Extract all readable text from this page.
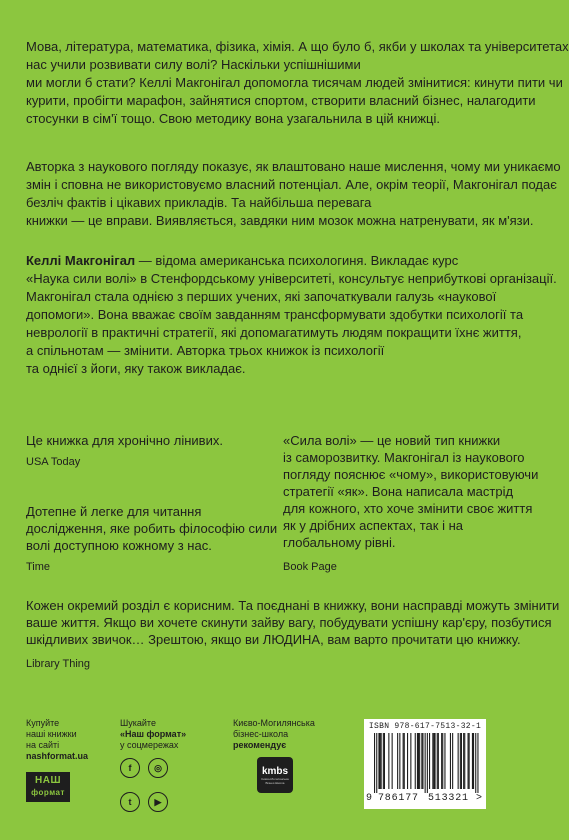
Мова, література, математика, фізика, хімія. А що було б, якби у школах та університетах
нас учили розвивати силу волі? Наскільки успішнішими
ми могли б стати? Келлі Макгонігал допомогла тисячам людей змінитися: кинути пити чи
курити, пробігти марафон, зайнятися спортом, створити власний бізнес, налагодити
стосунки в сім'ї тощо. Свою методику вона узагальнила в цій книжці.
Авторка з наукового погляду показує, як влаштовано наше мислення, чому ми уникаємо
змін і сповна не використовуємо власний потенціал. Але, окрім теорії, Макгонігал подає
безліч фактів і цікавих прикладів. Та найбільша перевага
книжки — це вправи. Виявляється, завдяки ним мозок можна натренувати, як м'язи.
Келлі Макгонігал — відома американська психологиня. Викладає курс
«Наука сили волі» в Стенфордському університеті, консультує неприбуткові організації.
Макгонігал стала однією з перших учених, які започаткували галузь «наукової
допомоги». Вона вважає своїм завданням трансформувати здобутки психології та
неврології в практичні стратегії, які допомагатимуть людям покращити їхнє життя,
а спільнотам — змінити. Авторка трьох книжок із психології
та однієї з йоги, яку також викладає.
Це книжка для хронічно лінивих.
USA Today
Дотепне й легке для читання
дослідження, яке робить філософію сили
волі доступною кожному з нас.
Time
«Сила волі» — це новий тип книжки
із саморозвитку. Макгонігал із наукового
погляду пояснює «чому», використовуючи
стратегії «як». Вона написала мастрід
для кожного, хто хоче змінити своє життя
як у дрібних аспектах, так і на
глобальному рівні.
Book Page
Кожен окремий розділ є корисним. Та поєднані в книжку, вони насправді можуть змінити
ваше життя. Якщо ви хочете скинути зайву вагу, побудувати успішну кар'єру, позбутися
шкідливих звичок… Зрештою, якщо ви ЛЮДИНА, вам варто прочитати цю книжку.
Library Thing
Купуйте
наші книжки
на сайті
nashformat.ua
НАШ
формат
Шукайте
«Наш формат»
у соцмережах
f	◎
t	▶
Києво-Могилянська
бізнес-школа
рекомендує
kmbs
Києво-Могилянська Бізнес-Школа
ISBN 978-617-7513-32-1
9 786177 513321 >
